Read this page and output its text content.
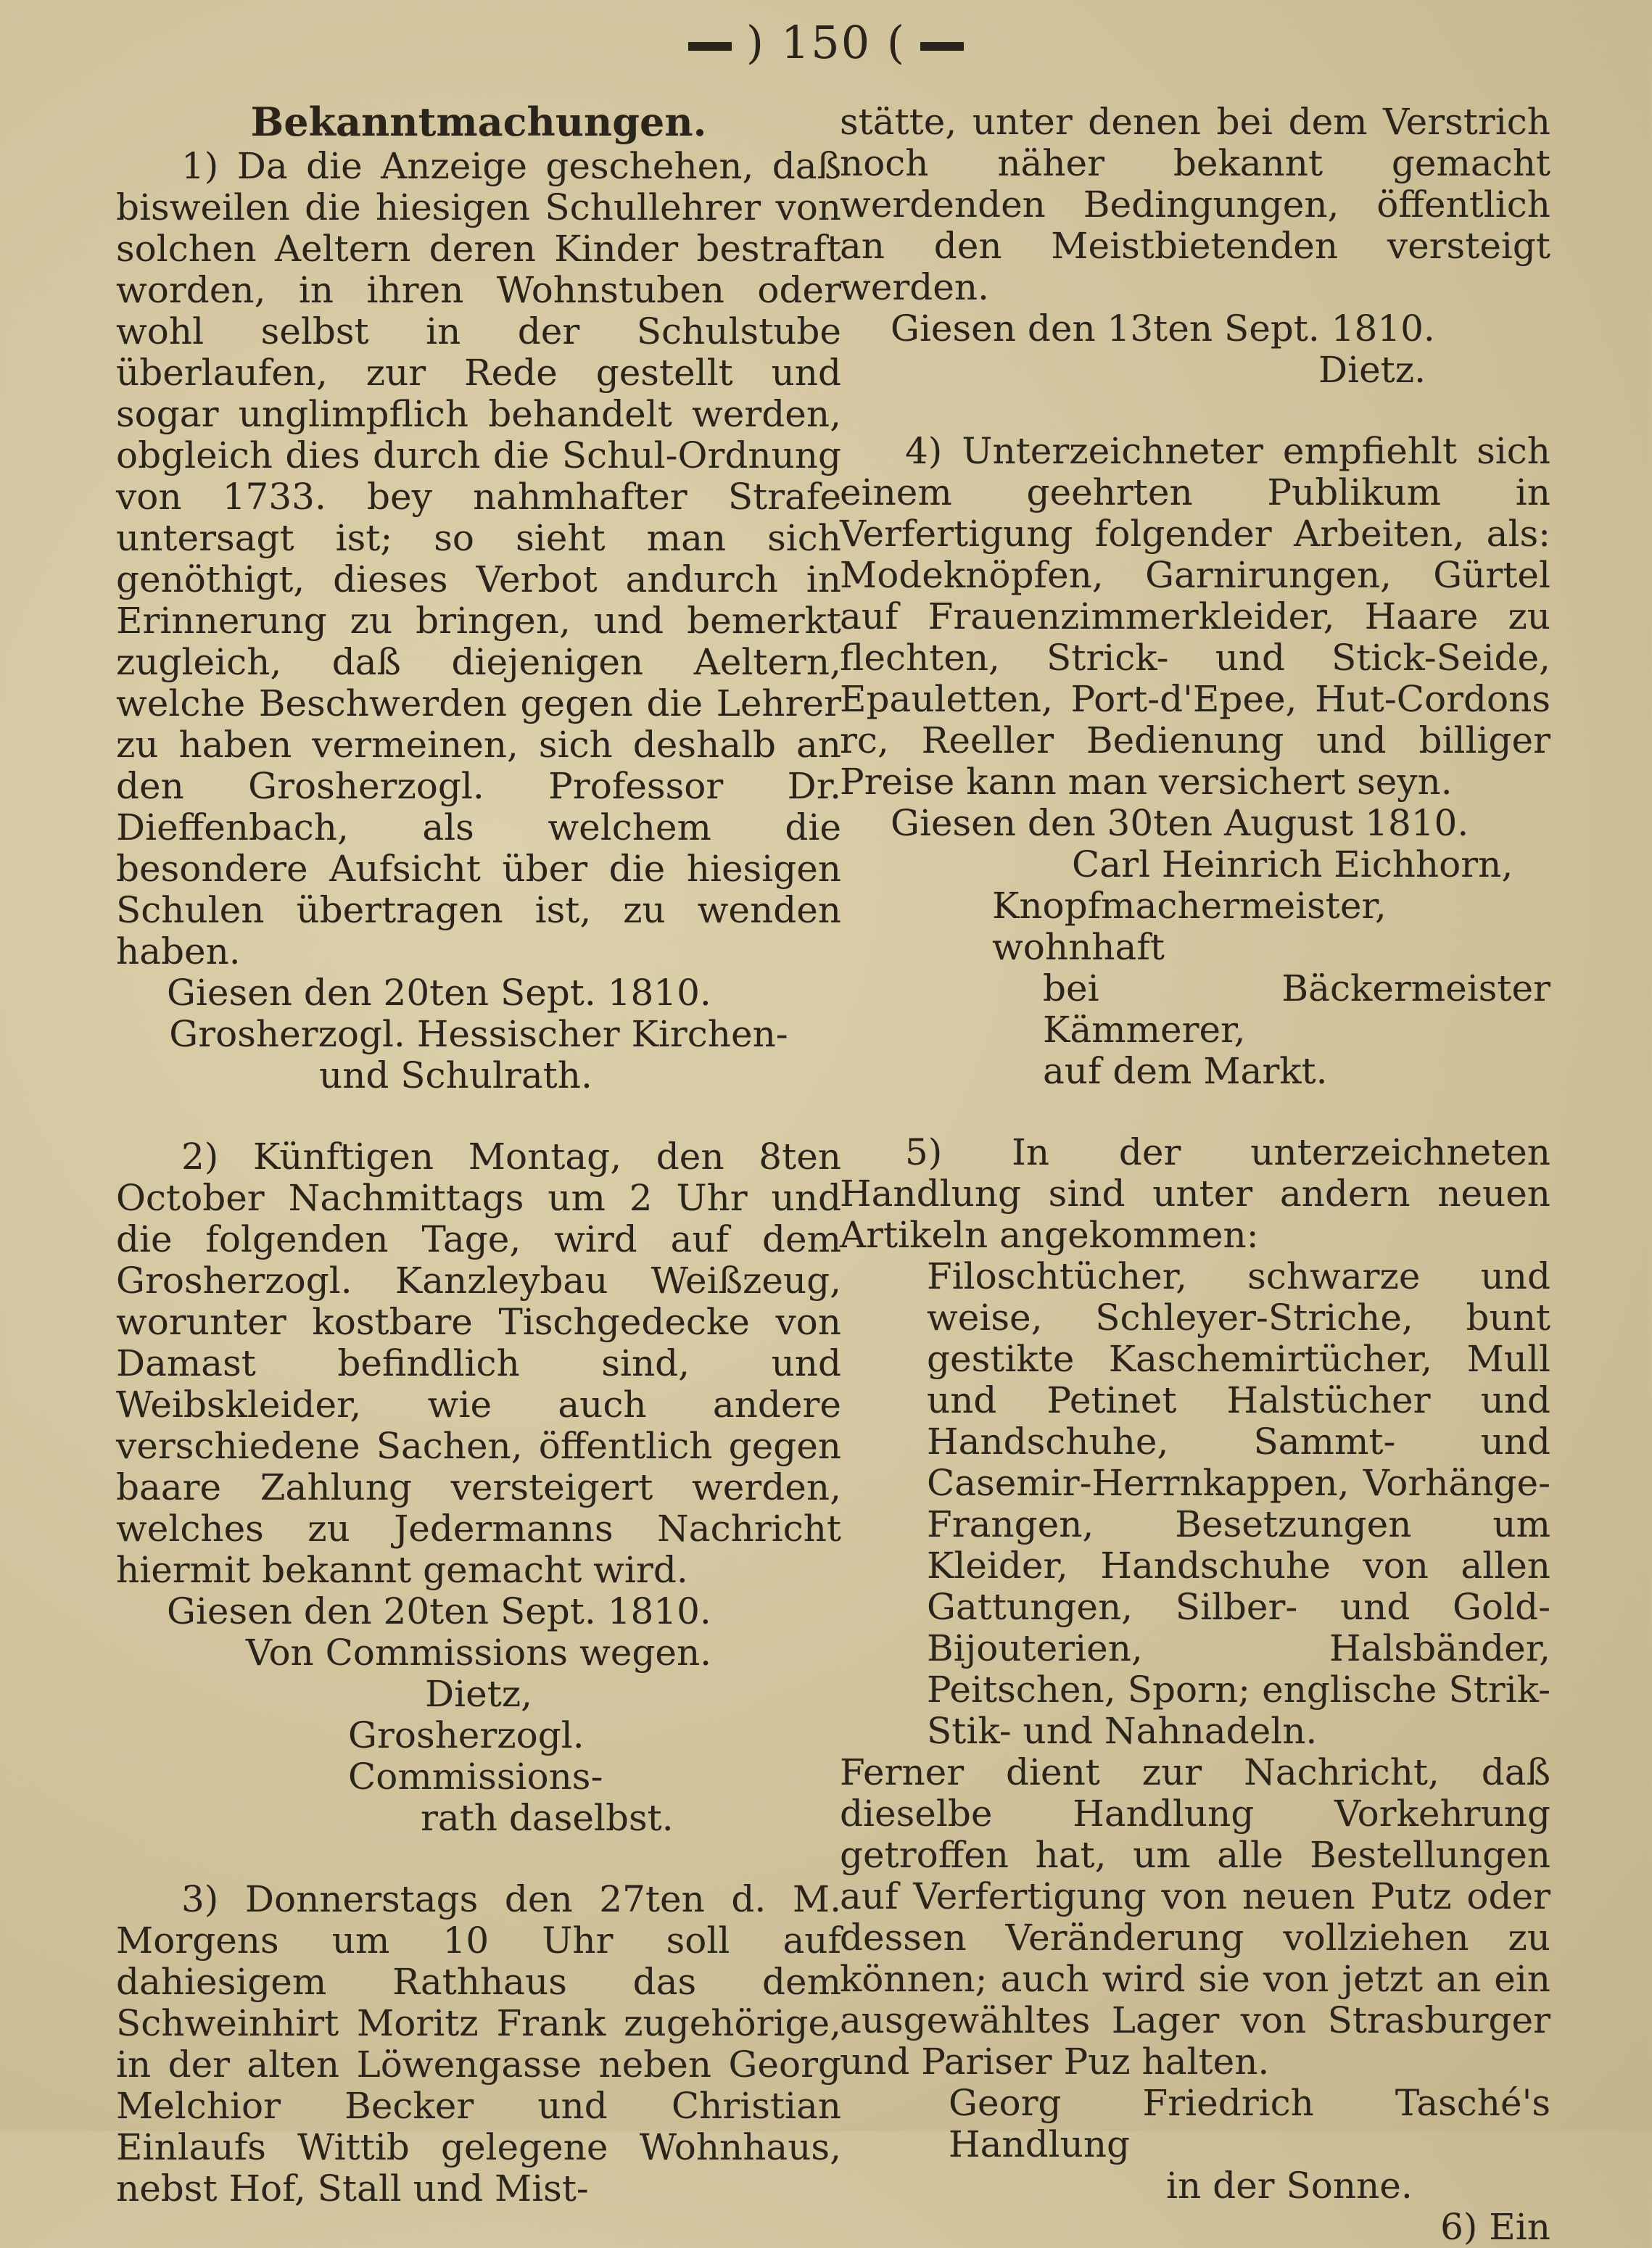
) 150 (
Bekanntmachungen.

1) Da die Anzeige geschehen, daß bisweilen die hiesigen Schullehrer von solchen Aeltern deren Kinder bestraft worden, in ihren Wohnstuben oder wohl selbst in der Schulstube überlaufen, zur Rede gestellt und sogar unglimpflich behandelt werden, obgleich dies durch die Schul-Ordnung von 1733. bey nahmhafter Strafe untersagt ist; so sieht man sich genöthigt, dieses Verbot andurch in Erinnerung zu bringen, und bemerkt zugleich, daß diejenigen Aeltern, welche Beschwerden gegen die Lehrer zu haben vermeinen, sich deshalb an den Grosherzogl. Professor Dr. Dieffenbach, als welchem die besondere Aufsicht über die hiesigen Schulen übertragen ist, zu wenden haben.

Giesen den 20ten Sept. 1810.

Grosherzogl. Hessischer Kirchen-

und Schulrath.

2) Künftigen Montag, den 8ten October Nachmittags um 2 Uhr und die folgenden Tage, wird auf dem Grosherzogl. Kanzleybau Weißzeug, worunter kostbare Tischgedecke von Damast befindlich sind, und Weibskleider, wie auch andere verschiedene Sachen, öffentlich gegen baare Zahlung versteigert werden, welches zu Jedermanns Nachricht hiermit bekannt gemacht wird.

Giesen den 20ten Sept. 1810.

Von Commissions wegen.

Dietz,

Grosherzogl. Commissions-

rath daselbst.

3) Donnerstags den 27ten d. M. Morgens um 10 Uhr soll auf dahiesigem Rathhaus das dem Schweinhirt Moritz Frank zugehörige, in der alten Löwengasse neben Georg Melchior Becker und Christian Einlaufs Wittib gelegene Wohnhaus, nebst Hof, Stall und Mist-

stätte, unter denen bei dem Verstrich noch näher bekannt gemacht werdenden Bedingungen, öffentlich an den Meistbietenden versteigt werden.

Giesen den 13ten Sept. 1810.

Dietz.

4) Unterzeichneter empfiehlt sich einem geehrten Publikum in Verfertigung folgender Arbeiten, als: Modeknöpfen, Garnirungen, Gürtel auf Frauenzimmerkleider, Haare zu flechten, Strick- und Stick-Seide, Epauletten, Port-d'Epee, Hut-Cordons rc, Reeller Bedienung und billiger Preise kann man versichert seyn.

Giesen den 30ten August 1810.

Carl Heinrich Eichhorn,

Knopfmachermeister, wohnhaft

bei Bäckermeister Kämmerer,

auf dem Markt.

5) In der unterzeichneten Handlung sind unter andern neuen Artikeln angekommen:

Filoschtücher, schwarze und weise, Schleyer-Striche, bunt gestikte Kaschemirtücher, Mull und Petinet Halstücher und Handschuhe, Sammt- und Casemir-Herrnkappen, Vorhänge-Frangen, Besetzungen um Kleider, Handschuhe von allen Gattungen, Silber- und Gold-Bijouterien, Halsbänder, Peitschen, Sporn; englische Strik- Stik- und Nahnadeln.

Ferner dient zur Nachricht, daß dieselbe Handlung Vorkehrung getroffen hat, um alle Bestellungen auf Verfertigung von neuen Putz oder dessen Veränderung vollziehen zu können; auch wird sie von jetzt an ein ausgewähltes Lager von Strasburger und Pariser Puz halten.

Georg Friedrich Tasché's Handlung

in der Sonne.

6) Ein
